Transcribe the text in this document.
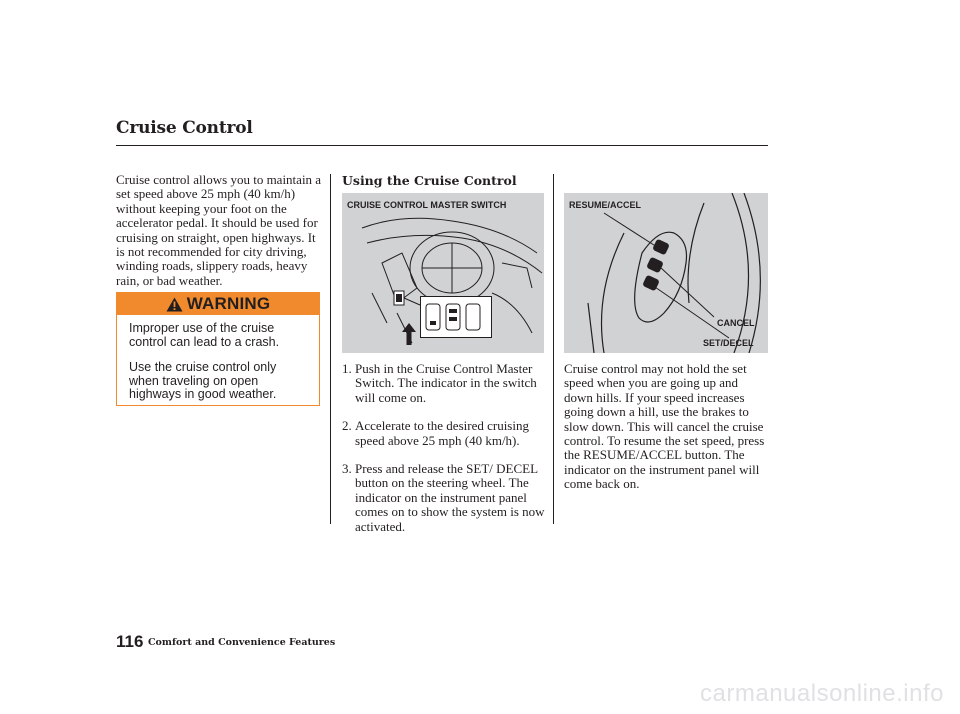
Cruise Control
Cruise control allows you to maintain a set speed above 25 mph (40 km/h) without keeping your foot on the accelerator pedal. It should be used for cruising on straight, open highways. It is not recommended for city driving, winding roads, slippery roads, heavy rain, or bad weather.
WARNING
Improper use of the cruise control can lead to a crash.
Use the cruise control only when traveling on open highways in good weather.
Using the Cruise Control
CRUISE CONTROL MASTER SWITCH
1. Push in the Cruise Control Master Switch. The indicator in the switch will come on.
2. Accelerate to the desired cruising speed above 25 mph (40 km/h).
3. Press and release the SET/ DECEL button on the steering wheel. The indicator on the instrument panel comes on to show the system is now activated.
RESUME/ACCEL
CANCEL
SET/DECEL
Cruise control may not hold the set speed when you are going up and down hills. If your speed increases going down a hill, use the brakes to slow down. This will cancel the cruise control. To resume the set speed, press the RESUME/ACCEL button. The indicator on the instrument panel will come back on.
116 Comfort and Convenience Features
carmanualsonline.info
